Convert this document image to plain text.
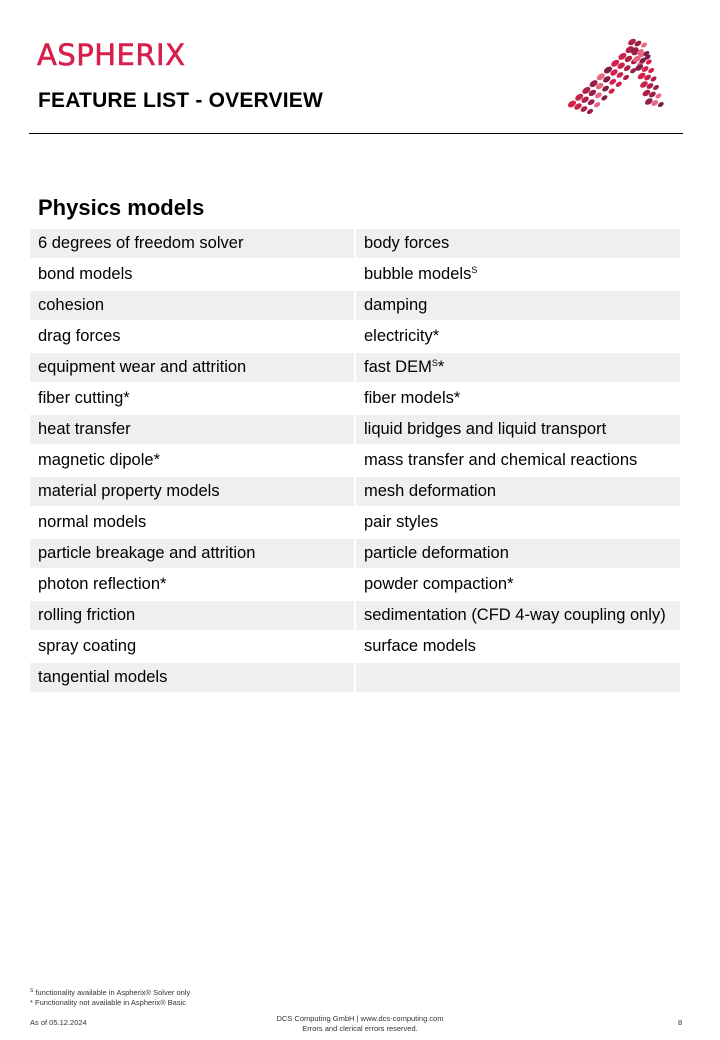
ASPHERIX
FEATURE LIST - OVERVIEW
Physics models
6 degrees of freedom solver	body forces
bond models	bubble models$^S$
cohesion	damping
drag forces	electricity*
equipment wear and attrition	fast $DEM^S*$
fiber cutting*	fiber models*
heat transfer	liquid bridges and liquid transport
magnetic dipole*	mass transfer and chemical reactions
material property models	mesh deformation
normal models	pair styles
particle breakage and attrition	particle deformation
photon reflection*	powder compaction*
rolling friction	sedimentation (CFD 4-way coupling only)
spray coating	surface models
tangential models
$^S$ functionality available in Aspherix® Solver only
* Functionality not available in Aspherix® Basic
As of 05.12.2024	DCS Computing GmbH | www.dcs-computing.com
Errors and clerical errors reserved.
8
